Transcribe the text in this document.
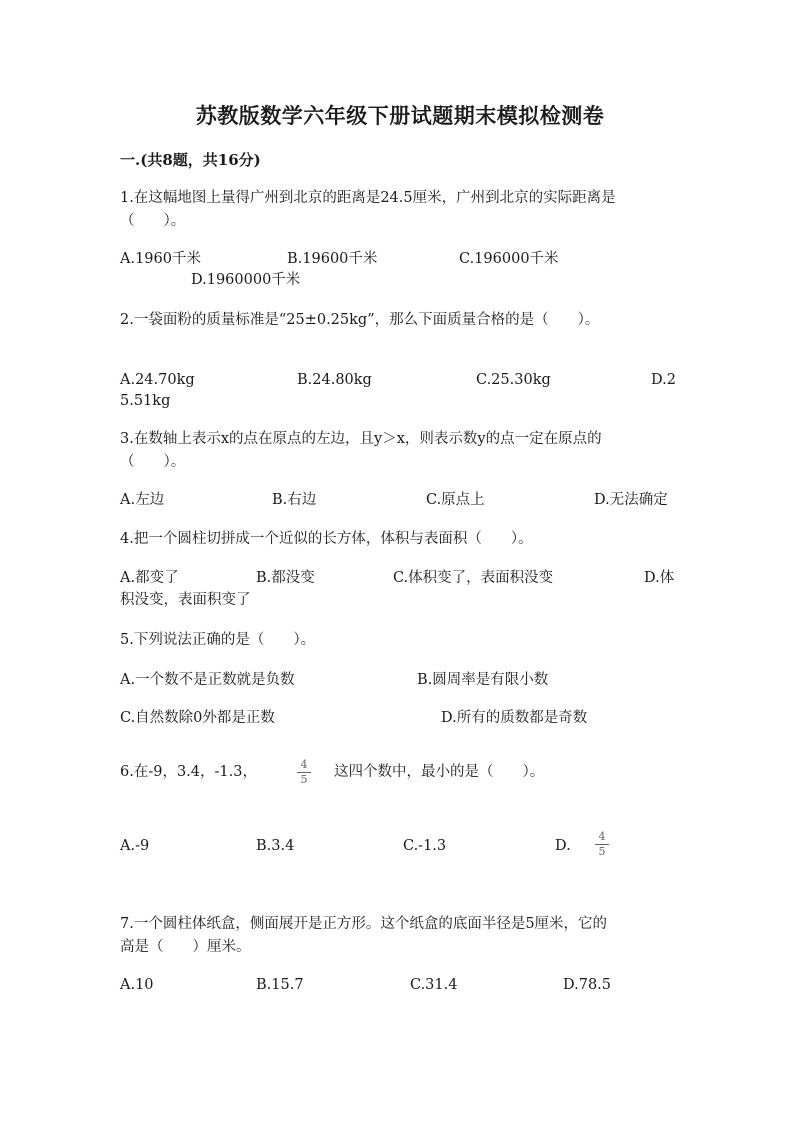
苏教版数学六年级下册试题期末模拟检测卷
一.(共8题，共16分)
1.在这幅地图上量得广州到北京的距离是24.5厘米，广州到北京的实际距离是
（　　）。
A.1960千米	B.19600千米	C.196000千米
D.1960000千米
2.一袋面粉的质量标准是“25±0.25kg”，那么下面质量合格的是（　　）。
A.24.70kg	B.24.80kg	C.25.30kg	D.2
5.51kg
3.在数轴上表示x的点在原点的左边，且y＞x，则表示数y的点一定在原点的
（　　）。
A.左边	B.右边	C.原点上	D.无法确定
4.把一个圆柱切拼成一个近似的长方体，体积与表面积（　　）。
A.都变了	B.都没变	C.体积变了，表面积没变	D.体
积没变，表面积变了
5.下列说法正确的是（　　）。
A.一个数不是正数就是负数	B.圆周率是有限小数
C.自然数除0外都是正数	D.所有的质数都是奇数
6.在-9，3.4，-1.3，	4
5 这四个数中，最小的是（　　）。
A.-9	B.3.4	C.-1.3	D.
4
5
7.一个圆柱体纸盒，侧面展开是正方形。这个纸盒的底面半径是5厘米，它的
高是（　　）厘米。
A.10	B.15.7	C.31.4	D.78.5
